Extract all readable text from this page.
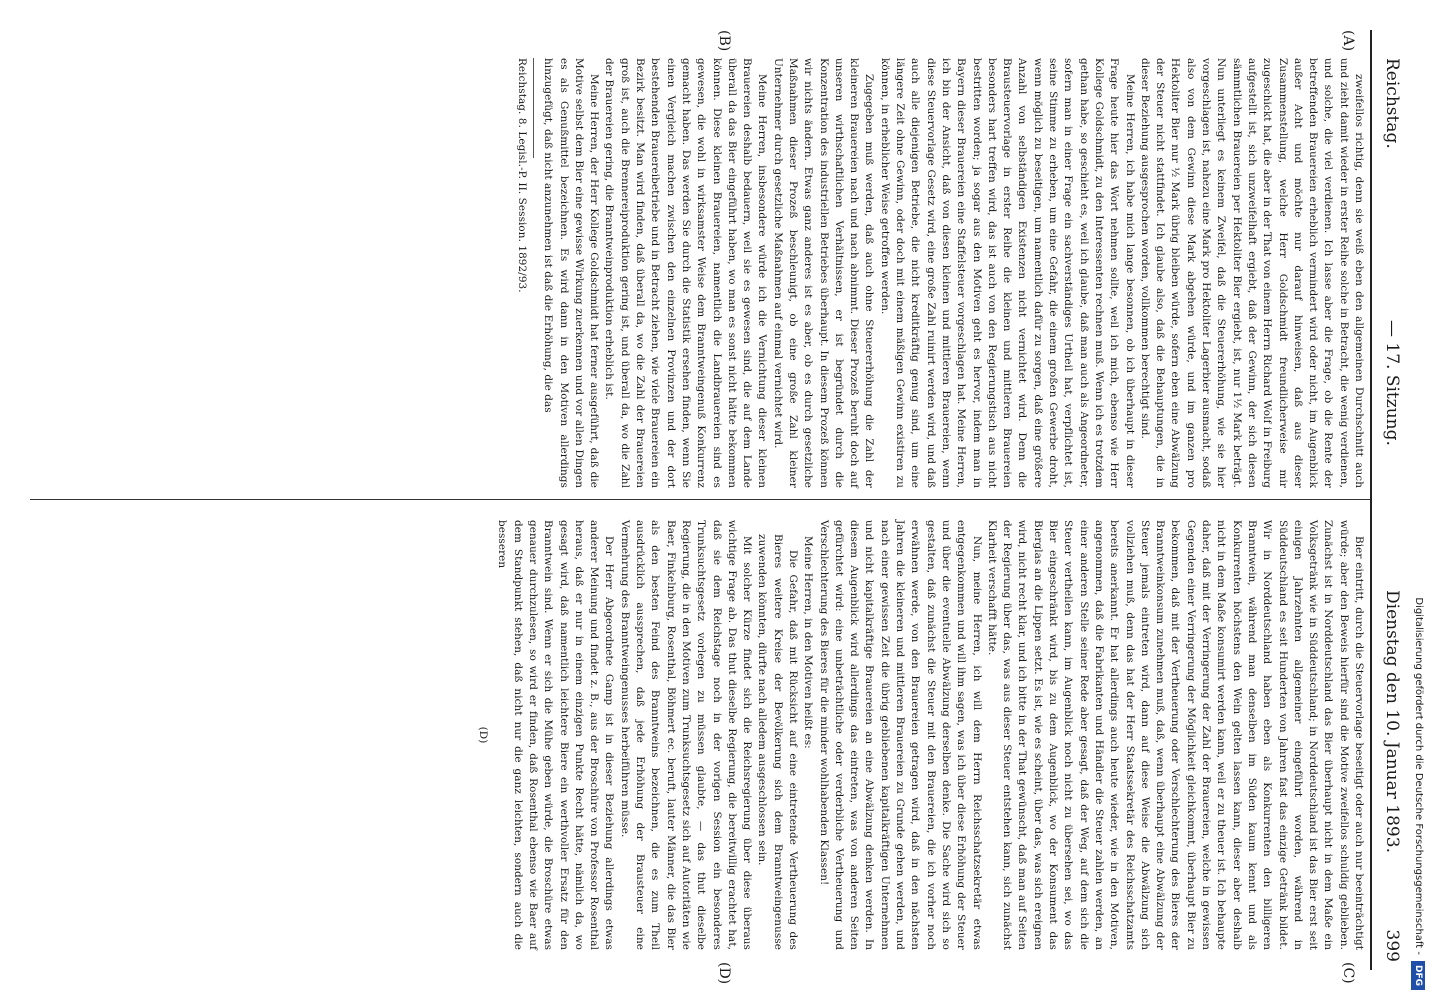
Reichstag.
— 17. Sitzung.
Dienstag den 10. Januar 1893.
399
(A)
(B)
(C)
(D)

zweifellos richtig, denn sie weiß eben den allgemeinen Durchschnitt auch und zieht damit wieder in erster Reihe solche in Betracht, die wenig verdienen, und solche, die viel verdienen. Ich lasse aber die Frage, ob die Rente der betreffenden Brauereien erheblich vermindert wird oder nicht, im Augenblick außer Acht und möchte nur darauf hinweisen, daß aus dieser Zusammenstellung, welche Herr Goldschmidt freundlicherweise mir zugeschickt hat, die aber in der That von einem Herrn Richard Wolf in Freiburg aufgestellt ist, sich unzweifelhaft ergiebt, daß der Gewinn, der sich diesen sämmtlichen Brauereien per Hektoliter Bier ergiebt, ist, nur 1½ Mark beträgt. Nun unterliegt es keinem Zweifel, daß die Steuererhöhung, wie sie hier vorgeschlagen ist, nahezu eine Mark pro Hektoliter Lagerbier ausmacht, sodaß also von dem Gewinn diese Mark abgehen würde, und im ganzen pro Hektoliter Bier nur ½ Mark übrig bleiben würde, sofern eben eine Abwälzung der Steuer nicht stattfindet. Ich glaube also, daß die Behauptungen, die in dieser Beziehung ausgesprochen worden, vollkommen berechtigt sind.

Meine Herren, ich habe mich lange besonnen, ob ich überhaupt in dieser Frage heute hier das Wort nehmen sollte, weil ich mich, ebenso wie Herr Kollege Goldschmidt, zu den Interessenten rechnen muß. Wenn ich es trotzdem gethan habe, so geschieht es, weil ich glaube, daß man auch als Angeordneter, sofern man in einer Frage ein sachverständiges Urtheil hat, verpflichtet ist, seine Stimme zu erheben, um eine Gefahr, die einem großen Gewerbe droht, wenn möglich zu beseitigen, um namentlich dafür zu sorgen, daß eine größere Anzahl von selbständigen Existenzen nicht vernichtet wird. Denn die Brausteuervorlage in erster Reihe die kleinen und mittleren Brauereien besonders hart treffen wird, das ist auch von den Regierungstisch aus nicht bestritten worden; ja sogar aus den Motiven geht es hervor, indem man in Bayern dieser Brauereien eine Staffelsteuer vorgeschlagen hat. Meine Herren, ich bin der Ansicht, daß von diesen kleinen und mittleren Brauereien, wenn diese Steuervorlage Gesetz wird, eine große Zahl ruinirt werden wird, und daß auch alle diejenigen Betriebe, die nicht kreditkräftig genug sind, um eine längere Zeit ohne Gewinn, oder doch mit einem mäßigen Gewinn existiren zu können, in erheblicher Weise getroffen werden.

Zugegeben muß werden, daß auch ohne Steuererhöhung die Zahl der kleineren Brauereien nach und nach abnimmt. Dieser Prozeß beruht doch auf unseren wirthschaftlichen Verhältnissen, er ist begründet durch die Konzentration des industriellen Betriebes überhaupt. In diesem Prozeß können wir nichts ändern. Etwas ganz anderes ist es aber, ob es durch gesetzliche Maßnahmen dieser Prozeß beschleunigt, ob eine große Zahl kleiner Unternehmer durch gesetzliche Maßnahmen auf einmal vernichtet wird.

Meine Herren, insbesondere würde ich die Vernichtung dieser kleinen Brauereien deshalb bedauern, weil sie es gewesen sind, die auf dem Lande überall da das Bier eingeführt haben, wo man es sonst nicht hätte bekommen können. Diese kleinen Brauereien, namentlich die Landbrauereien sind es gewesen, die wohl in wirksamster Weise dem Branntweingenuß Konkurrenz gemacht haben. Das werden Sie durch die Statistik ersehen finden, wenn Sie einen Vergleich machen zwischen den einzelnen Provinzen und der dort bestehenden Brauereibetriebe und in Betracht ziehen, wie viele Brauereien ein Bezirk besitzt. Man wird finden, daß überall da, wo die Zahl der Brauereien groß ist, auch die Brennereiproduktion gering ist, und überall da, wo die Zahl der Brauereien gering, die Branntweinproduktion erheblich ist.

Meine Herren, der Herr Kollege Goldschmidt hat ferner ausgeführt, daß die Motive selbst dem Bier eine gewisse Wirkung zuerkennen und vor allen Dingen es als Genußmittel bezeichnen. Es wird dann in den Motiven allerdings hinzugefügt, daß nicht anzunehmen ist daß die Erhöhung, die das

Reichstag. 8. Legisl.-P. II. Session. 1892/93.

Bier eintritt, durch die Steuervorlage beseitigt oder auch nur beeinträchtigt würde; aber den Beweis hierfür sind die Motive zweifellos schuldig geblieben. Zunächst ist in Norddeutschland das Bier überhaupt nicht in dem Maße ein Volksgetränk wie in Süddeutschland; in Norddeutschland ist das Bier erst seit einigen Jahrzehnten allgemeiner eingeführt worden, während in Süddeutschland es seit Hunderten von Jahren fast das einzige Getränk bildet. Wir in Norddeutschland haben eben als Konkurrenten den billigeren Branntwein, während man denselben im Süden kaum kennt und als Konkurrenten höchstens den Wein gelten lassen kann, dieser aber deshalb nicht in dem Maße konsumirt werden kann, weil er zu theuer ist. Ich behaupte daher, daß mit der Verringerung der Zahl der Brauereien, welche in gewissen Gegenden einer Verringerung der Möglichkeit gleichkommt, überhaupt Bier zu bekommen, daß mit der Vertheuerung oder Verschlechterung des Bieres der Branntweinkonsum zunehmen muß, daß, wenn überhaupt eine Abwälzung der Steuer jemals eintreten wird, dann auf diese Weise die Abwälzung sich vollziehen muß, denn das hat der Herr Staatssekretär des Reichsschatzamts bereits anerkannt. Er hat allerdings auch heute wieder, wie in den Motiven, angenommen, daß die Fabrikanten und Händler die Steuer zahlen werden, an einer anderen Stelle seiner Rede aber gesagt, daß der Weg, auf dem sich die Steuer vertheilen kann, im Augenblick noch nicht zu übersehen sei, wo das Bier eingeschränkt wird, bis zu dem Augenblick, wo der Konsument das Bierglas an die Lippen setzt. Es ist, wie es scheint, über das, was sich ereignen wird, nicht recht klar, und ich bitte in der That gewünscht, daß man auf Seiten der Regierung über das, was aus dieser Steuer entstehen kann, sich zunächst Klarheit verschafft hätte.

Nun, meine Herren, ich will dem Herrn Reichsschatzsekretär etwas entgegenkommen und will ihm sagen, was ich über diese Erhöhung der Steuer und über die eventuelle Abwälzung derselben denke. Die Sache wird sich so gestalten, daß zunächst die Steuer mit den Brauereien, die ich vorher noch erwähnen werde, von den Brauereien getragen wird, daß in den nächsten Jahren die kleineren und mittleren Brauereien zu Grunde gehen werden, und nach einer gewissen Zeit die übrig gebliebenen kapitalkräftigen Unternehmen und nicht kapitalkräftige Brauereien an eine Abwälzung denken werden. In diesem Augenblick wird allerdings das eintreten, was von anderen Seiten gefürchtet wird: eine unbeträchtliche oder verderbliche Vertheuerung und Verschlechterung des Bieres für die minder wohlhabenden Klassen!

Meine Herren, in den Motiven heißt es:

Die Gefahr, daß mit Rücksicht auf eine eintretende Vertheuerung des Bieres weitere Kreise der Bevölkerung sich dem Branntweingenusse zuwenden könnten, dürfte nach alledem ausgeschlossen sein.

Mit solcher Kürze findet sich die Reichsregierung über diese überaus wichtige Frage ab. Das thut dieselbe Regierung, die bereitwillig erachtet hat, daß sie dem Reichstage noch in der vorigen Session ein besonderes Trunksuchtsgesetz vorlegen zu müssen glaubte, — das thut dieselbe Regierung, die in den Motiven zum Trunksuchtsgesetz sich auf Autoritäten wie Baer, Finkelnburg, Rosenthal, Böhmert ec. beruft, lauter Männer, die das Bier als den besten Feind des Branntweins bezeichnen, die es zum Theil ausdrücklich aussprechen, daß jede Erhöhung der Brausteuer eine Vermehrung des Branntweingenusses herbeiführen müsse.

Der Herr Abgeordnete Gamp ist in dieser Beziehung allerdings etwas anderer Meinung und findet z. B., aus der Broschüre von Professor Rosenthal heraus, daß er nur in einem einzigen Punkte Recht hätte, nämlich da, wo gesagt wird, daß namentlich leichtere Biere ein werthvoller Ersatz für den Branntwein sind. Wenn er sich die Mühe geben würde, die Broschüre etwas genauer durchzulesen, so wird er finden, daß Rosenthal ebenso wie Baer auf dem Standpunkt stehen, daß nicht nur die ganz leichten, sondern auch die besseren

(D)	Digitalisierung gefördert durch die Deutsche Forschungsgemeinschaft -DFG
